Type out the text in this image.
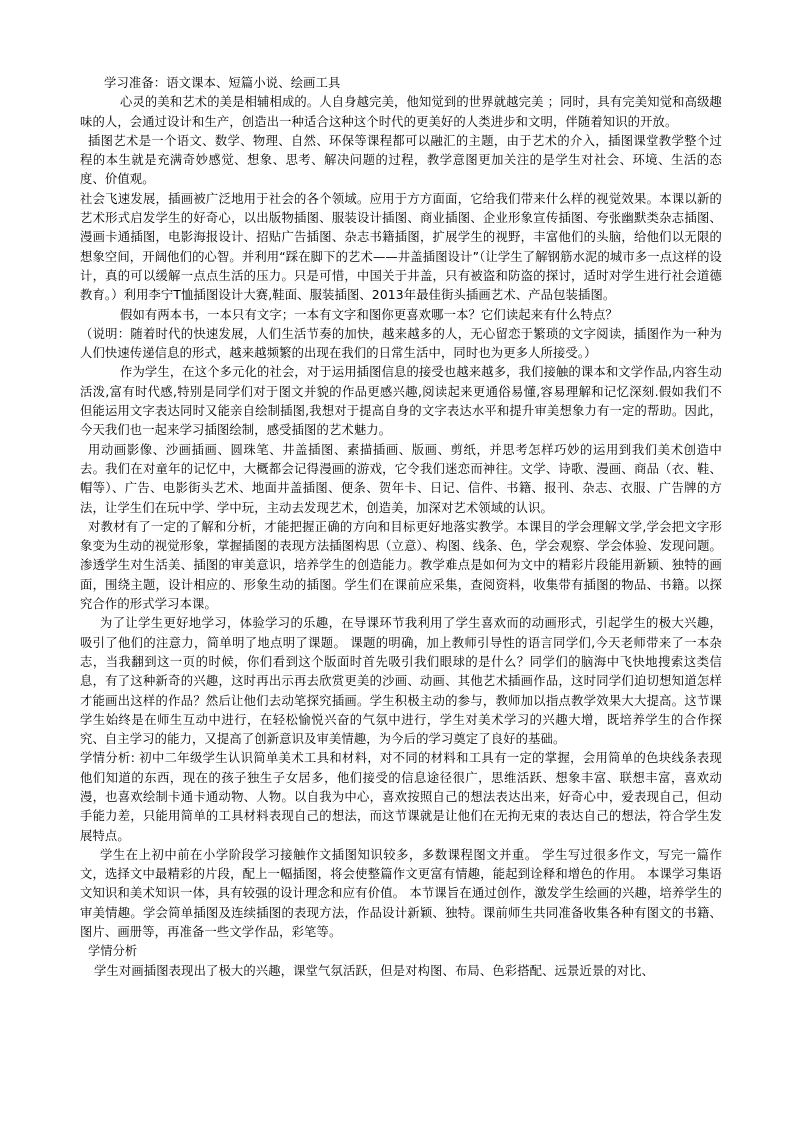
学习准备：语文课本、短篇小说、绘画工具

心灵的美和艺术的美是相辅相成的。人自身越完美，他知觉到的世界就越完美 ；同时，具有完美知觉和高级趣味的人，会通过设计和生产，创造出一种适合这种这个时代的更美好的人类进步和文明，伴随着知识的开放。

插图艺术是一个语文、数学、物理、自然、环保等课程都可以融汇的主题，由于艺术的介入，插图课堂教学整个过程的本生就是充满奇妙感觉、想象、思考、解决问题的过程，教学意图更加关注的是学生对社会、环境、生活的态度、价值观。

社会飞速发展，插画被广泛地用于社会的各个领域。应用于方方面面，它给我们带来什么样的视觉效果。本课以新的艺术形式启发学生的好奇心，以出版物插图、服装设计插图、商业插图、企业形象宣传插图、夸张幽默类杂志插图、漫画卡通插图，电影海报设计、招贴广告插图、杂志书籍插图，扩展学生的视野，丰富他们的头脑，给他们以无限的想象空间，开阔他们的心智。并利用“踩在脚下的艺术——井盖插图设计”（让学生了解钢筋水泥的城市多一点这样的设计，真的可以缓解一点点生活的压力。只是可惜，中国关于井盖，只有被盗和防盗的探讨，适时对学生进行社会道德教育。）利用李宁T恤插图设计大赛,鞋面、服装插图、2013年最佳街头插画艺术、产品包装插图。

假如有两本书，一本只有文字；一本有文字和图你更喜欢哪一本？它们读起来有什么特点？

（说明：随着时代的快速发展，人们生活节奏的加快，越来越多的人，无心留恋于繁琐的文字阅读，插图作为一种为人们快速传递信息的形式，越来越频繁的出现在我们的日常生活中，同时也为更多人所接受。）

作为学生，在这个多元化的社会，对于运用插图信息的接受也越来越多，我们接触的课本和文学作品,内容生动活泼,富有时代感,特别是同学们对于图文并貌的作品更感兴趣,阅读起来更通俗易懂,容易理解和记忆深刻.假如我们不但能运用文字表达同时又能亲自绘制插图,我想对于提高自身的文字表达水平和提升审美想象力有一定的帮助。因此，今天我们也一起来学习插图绘制，感受插图的艺术魅力。

用动画影像、沙画插画、圆珠笔、井盖插图、素描插画、版画、剪纸，并思考怎样巧妙的运用到我们美术创造中去。我们在对童年的记忆中，大概都会记得漫画的游戏，它令我们迷恋而神往。文学、诗歌、漫画、商品（衣、鞋、帽等）、广告、电影街头艺术、地面井盖插图、便条、贺年卡、日记、信件、书籍、报刊、杂志、衣服、广告牌的方法，让学生们在玩中学、学中玩，主动去发现艺术，创造美，加深对艺术领域的认识。

对教材有了一定的了解和分析，才能把握正确的方向和目标更好地落实教学。本课目的学会理解文学,学会把文字形象变为生动的视觉形象，掌握插图的表现方法插图构思（立意）、构图、线条、色，学会观察、学会体验、发现问题。渗透学生对生活美、插图的审美意识，培养学生的创造能力。教学难点是如何为文中的精彩片段能用新颖、独特的画面，围绕主题，设计相应的、形象生动的插图。学生们在课前应采集，查阅资料，收集带有插图的物品、书籍。以探究合作的形式学习本课。

为了让学生更好地学习，体验学习的乐趣，在导课环节我利用了学生喜欢而的动画形式，引起学生的极大兴趣，吸引了他们的注意力，简单明了地点明了课题。 课题的明确，加上教师引导性的语言同学们,今天老师带来了一本杂志，当我翻到这一页的时候，你们看到这个版面时首先吸引我们眼球的是什么？同学们的脑海中飞快地搜索这类信息，有了这种新奇的兴趣，这时再出示再去欣赏更美的沙画、动画、其他艺术插画作品，这时同学们迫切想知道怎样才能画出这样的作品？然后让他们去动笔探究插画。学生积极主动的参与，教师加以指点教学效果大大提高。这节课学生始终是在师生互动中进行，在轻松愉悦兴奋的气氛中进行，学生对美术学习的兴趣大增，既培养学生的合作探究、自主学习的能力，又提高了创新意识及审美情趣，为今后的学习奠定了良好的基础。

学情分析: 初中二年级学生认识简单美术工具和材料，对不同的材料和工具有一定的掌握，会用简单的色块线条表现他们知道的东西，现在的孩子独生子女居多，他们接受的信息途径很广，思维活跃、想象丰富、联想丰富，喜欢动漫，也喜欢绘制卡通卡通动物、人物。以自我为中心，喜欢按照自己的想法表达出来，好奇心中，爱表现自己，但动手能力差，只能用简单的工具材料表现自己的想法，而这节课就是让他们在无拘无束的表达自己的想法，符合学生发展特点。

学生在上初中前在小学阶段学习接触作文插图知识较多，多数课程图文并重。 学生写过很多作文，写完一篇作文，选择文中最精彩的片段，配上一幅插图，将会使整篇作文更富有情趣，能起到诠释和增色的作用。 本课学习集语文知识和美术知识一体，具有较强的设计理念和应有价值。 本节课旨在通过创作，激发学生绘画的兴趣，培养学生的审美情趣。学会简单插图及连续插图的表现方法，作品设计新颖、独特。课前师生共同准备收集各种有图文的书籍、图片、画册等，再准备一些文学作品，彩笔等。

学情分析

学生对画插图表现出了极大的兴趣，课堂气氛活跃，但是对构图、布局、色彩搭配、远景近景的对比、
